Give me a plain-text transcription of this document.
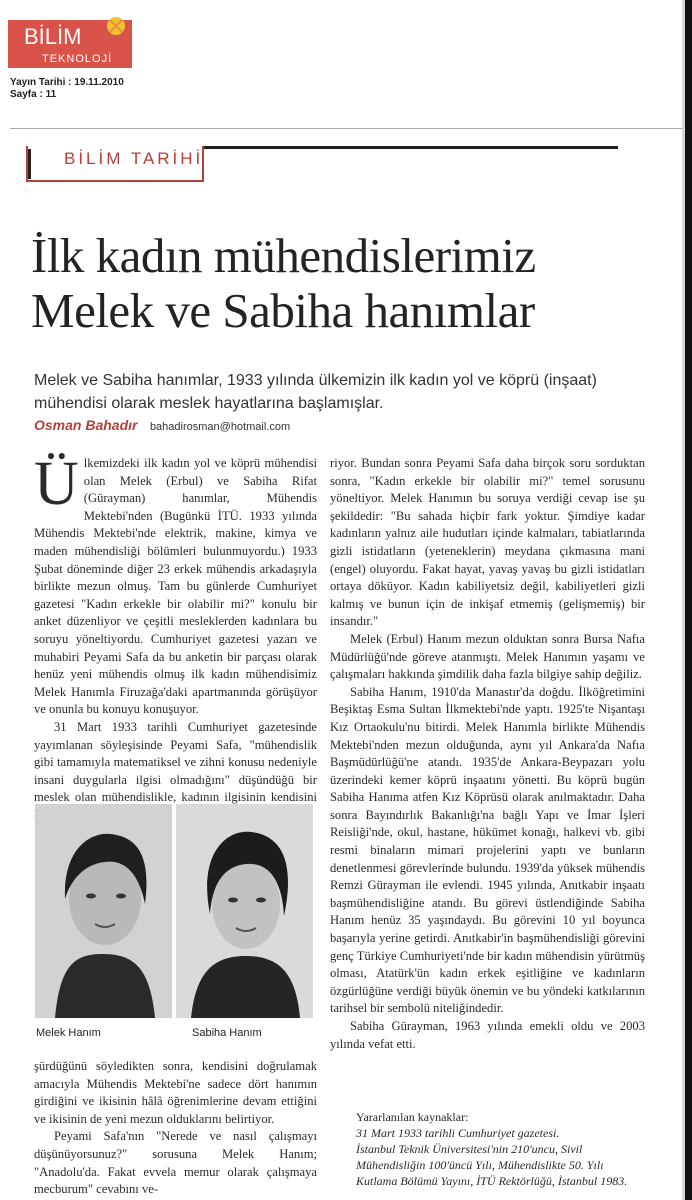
Cumhuriyet BİLİM
TEKNOLOJİ
Yayın Tarihi : 19.11.2010
Sayfa : 11
BİLİM TARİHİ
İlk kadın mühendislerimiz
Melek ve Sabiha hanımlar
Melek ve Sabiha hanımlar, 1933 yılında ülkemizin ilk kadın yol ve köprü (inşaat) mühendisi olarak meslek hayatlarına başlamışlar.
Osman Bahadır bahadirosman@hotmail.com

Ülkemizdeki ilk kadın yol ve köprü mühendisi olan Melek (Erbul) ve Sabiha Rifat (Gürayman) hanımlar, Mühendis Mektebi'nden (Bugünkü İTÜ. 1933 yılında Mühendis Mektebi'nde elektrik, makine, kimya ve maden mühendisliği bölümleri bulunmuyordu.) 1933 Şubat döneminde diğer 23 erkek mühendis arkadaşıyla birlikte mezun olmuş. Tam bu günlerde Cumhuriyet gazetesi "Kadın erkekle bir olabilir mi?" konulu bir anket düzenliyor ve çeşitli mesleklerden kadınlara bu soruyu yöneltiyordu. Cumhuriyet gazetesi yazarı ve muhabiri Peyami Safa da bu anketin bir parçası olarak henüz yeni mühendis olmuş ilk kadın mühendisimiz Melek Hanımla Firuzağa'daki apartmanında görüşüyor ve onunla bu konuyu konuşuyor.

31 Mart 1933 tarihli Cumhuriyet gazetesinde yayımlanan söyleşisinde Peyami Safa, "mühendislik gibi tamamıyla matematiksel ve zihni konusu nedeniyle insani duygularla ilgisi olmadığını" düşündüğü bir meslek olan mühendislikle, kadının ilgisinin kendisini

Melek Hanım	Sabiha Hanım

şürdüğünü söyledikten sonra, kendisini doğrulamak amacıyla Mühendis Mektebi'ne sadece dört hanımın girdiğini ve ikisinin hâlâ öğrenimlerine devam ettiğini ve ikisinin de yeni mezun olduklarını belirtiyor.

Peyami Safa'nın "Nerede ve nasıl çalışmayı düşünüyorsunuz?" sorusuna Melek Hanım; "Anadolu'da. Fakat evvela memur olarak çalışmaya mecburum" cevabını ve-

riyor. Bundan sonra Peyami Safa daha birçok soru sorduktan sonra, "Kadın erkekle bir olabilir mi?" temel sorusunu yöneltiyor. Melek Hanımın bu soruya verdiği cevap ise şu şekildedir: "Bu sahada hiçbir fark yoktur. Şimdiye kadar kadınların yalnız aile hudutları içinde kalmaları, tabiatlarında gizli istidatların (yeteneklerin) meydana çıkmasına mani (engel) oluyordu. Fakat hayat, yavaş yavaş bu gizli istidatları ortaya döküyor. Kadın kabiliyetsiz değil, kabiliyetleri gizli kalmış ve bunun için de inkişaf etmemiş (gelişmemiş) bir insandır."

Melek (Erbul) Hanım mezun olduktan sonra Bursa Nafıa Müdürlüğü'nde göreve atanmıştı. Melek Hanımın yaşamı ve çalışmaları hakkında şimdilik daha fazla bilgiye sahip değiliz.

Sabiha Hanım, 1910'da Manastır'da doğdu. İlköğretimini Beşiktaş Esma Sultan İlkmektebi'nde yaptı. 1925'te Nişantaşı Kız Ortaokulu'nu bitirdi. Melek Hanımla birlikte Mühendis Mektebi'nden mezun olduğunda, aynı yıl Ankara'da Nafıa Başmüdürlüğü'ne atandı. 1935'de Ankara-Beypazarı yolu üzerindeki kemer köprü inşaatını yönetti. Bu köprü bugün Sabiha Hanıma atfen Kız Köprüsü olarak anılmaktadır. Daha sonra Bayındırlık Bakanlığı'na bağlı Yapı ve İmar İşleri Reisliği'nde, okul, hastane, hükümet konağı, halkevi vb. gibi resmi binaların mimari projelerini yaptı ve bunların denetlenmesi görevlerinde bulundu. 1939'da yüksek mühendis Remzi Gürayman ile evlendi. 1945 yılında, Anıtkabir inşaatı başmühendisliğine atandı. Bu görevi üstlendiğinde Sabiha Hanım henüz 35 yaşındaydı. Bu görevini 10 yıl boyunca başarıyla yerine getirdi. Anıtkabir'in başmühendisliği görevini genç Türkiye Cumhuriyeti'nde bir kadın mühendisin yürütmüş olması, Atatürk'ün kadın erkek eşitliğine ve kadınların özgürlüğüne verdiği büyük önemin ve bu yöndeki katkılarının tarihsel bir sembolü niteliğindedir.

Sabiha Gürayman, 1963 yılında emekli oldu ve 2003 yılında vefat etti.

Yararlanılan kaynaklar:
31 Mart 1933 tarihli Cumhuriyet gazetesi.
İstanbul Teknik Üniversitesi'nin 210'uncu, Sivil Mühendisliğin 100'üncü Yılı, Mühendislikte 50. Yılı Kutlama Bölümü Yayını, İTÜ Rektörlüğü, İstanbul 1983.
